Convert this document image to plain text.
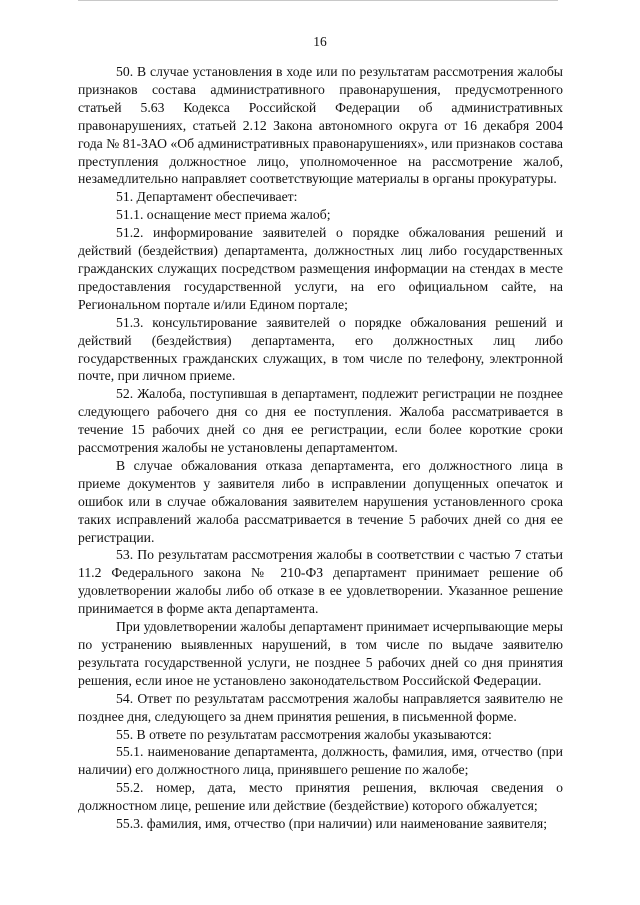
16

50. В случае установления в ходе или по результатам рассмотрения жалобы признаков состава административного правонарушения, предусмотренного статьей 5.63 Кодекса Российской Федерации об административных правонарушениях, статьей 2.12 Закона автономного округа от 16 декабря 2004 года № 81-ЗАО «Об административных правонарушениях», или признаков состава преступления должностное лицо, уполномоченное на рассмотрение жалоб, незамедлительно направляет соответствующие материалы в органы прокуратуры.

51. Департамент обеспечивает:

51.1. оснащение мест приема жалоб;

51.2. информирование заявителей о порядке обжалования решений и действий (бездействия) департамента, должностных лиц либо государственных гражданских служащих посредством размещения информации на стендах в месте предоставления государственной услуги, на его официальном сайте, на Региональном портале и/или Едином портале;

51.3. консультирование заявителей о порядке обжалования решений и действий (бездействия) департамента, его должностных лиц либо государственных гражданских служащих, в том числе по телефону, электронной почте, при личном приеме.

52. Жалоба, поступившая в департамент, подлежит регистрации не позднее следующего рабочего дня со дня ее поступления. Жалоба рассматривается в течение 15 рабочих дней со дня ее регистрации, если более короткие сроки рассмотрения жалобы не установлены департаментом.

В случае обжалования отказа департамента, его должностного лица в приеме документов у заявителя либо в исправлении допущенных опечаток и ошибок или в случае обжалования заявителем нарушения установленного срока таких исправлений жалоба рассматривается в течение 5 рабочих дней со дня ее регистрации.

53. По результатам рассмотрения жалобы в соответствии с частью 7 статьи 11.2 Федерального закона № 210-ФЗ департамент принимает решение об удовлетворении жалобы либо об отказе в ее удовлетворении. Указанное решение принимается в форме акта департамента.

При удовлетворении жалобы департамент принимает исчерпывающие меры по устранению выявленных нарушений, в том числе по выдаче заявителю результата государственной услуги, не позднее 5 рабочих дней со дня принятия решения, если иное не установлено законодательством Российской Федерации.

54. Ответ по результатам рассмотрения жалобы направляется заявителю не позднее дня, следующего за днем принятия решения, в письменной форме.

55. В ответе по результатам рассмотрения жалобы указываются:

55.1. наименование департамента, должность, фамилия, имя, отчество (при наличии) его должностного лица, принявшего решение по жалобе;

55.2. номер, дата, место принятия решения, включая сведения о должностном лице, решение или действие (бездействие) которого обжалуется;

55.3. фамилия, имя, отчество (при наличии) или наименование заявителя;
